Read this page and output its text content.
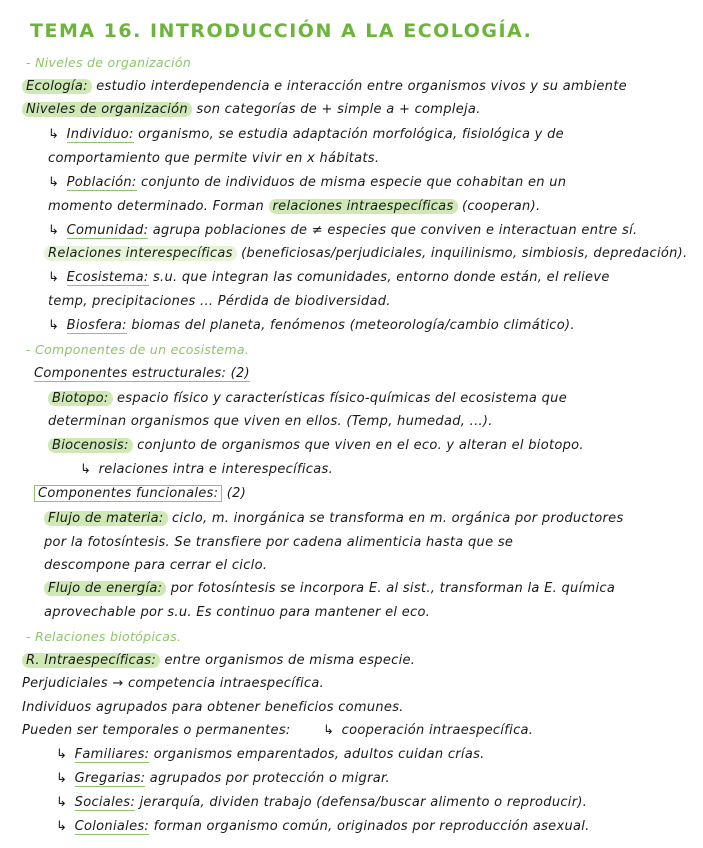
TEMA 16. INTRODUCCIÓN A LA ECOLOGÍA.
- Niveles de organización
Ecología: estudio interdependencia e interacción entre organismos vivos y su ambiente
Niveles de organización son categorías de + simple a + compleja.
↳ Individuo: organismo, se estudia adaptación morfológica, fisiológica y de
comportamiento que permite vivir en x hábitats.
↳ Población: conjunto de individuos de misma especie que cohabitan en un
momento determinado. Forman relaciones intraespecíficas (cooperan).
↳ Comunidad: agrupa poblaciones de ≠ especies que conviven e interactuan entre sí.
Relaciones interespecíficas (beneficiosas/perjudiciales, inquilinismo, simbiosis, depredación).
↳ Ecosistema: s.u. que integran las comunidades, entorno donde están, el relieve
temp, precipitaciones ... Pérdida de biodiversidad.
↳ Biosfera: biomas del planeta, fenómenos (meteorología/cambio climático).
- Componentes de un ecosistema.
Componentes estructurales: (2)
Biotopo: espacio físico y características físico-químicas del ecosistema que
determinan organismos que viven en ellos. (Temp, humedad, ...).
Biocenosis: conjunto de organismos que viven en el eco. y alteran el biotopo.
↳ relaciones intra e interespecíficas.
Componentes funcionales: (2)
Flujo de materia: ciclo, m. inorgánica se transforma en m. orgánica por productores
por la fotosíntesis. Se transfiere por cadena alimenticia hasta que se
descompone para cerrar el ciclo.
Flujo de energía: por fotosíntesis se incorpora E. al sist., transforman la E. química
aprovechable por s.u. Es continuo para mantener el eco.
- Relaciones biotópicas.
R. Intraespecíficas: entre organismos de misma especie.
Perjudiciales → competencia intraespecífica.
Individuos agrupados para obtener beneficios comunes.
Pueden ser temporales o permanentes: ↳ cooperación intraespecífica.
↳ Familiares: organismos emparentados, adultos cuidan crías.
↳ Gregarias: agrupados por protección o migrar.
↳ Sociales: jerarquía, dividen trabajo (defensa/buscar alimento o reproducir).
↳ Coloniales: forman organismo común, originados por reproducción asexual.
